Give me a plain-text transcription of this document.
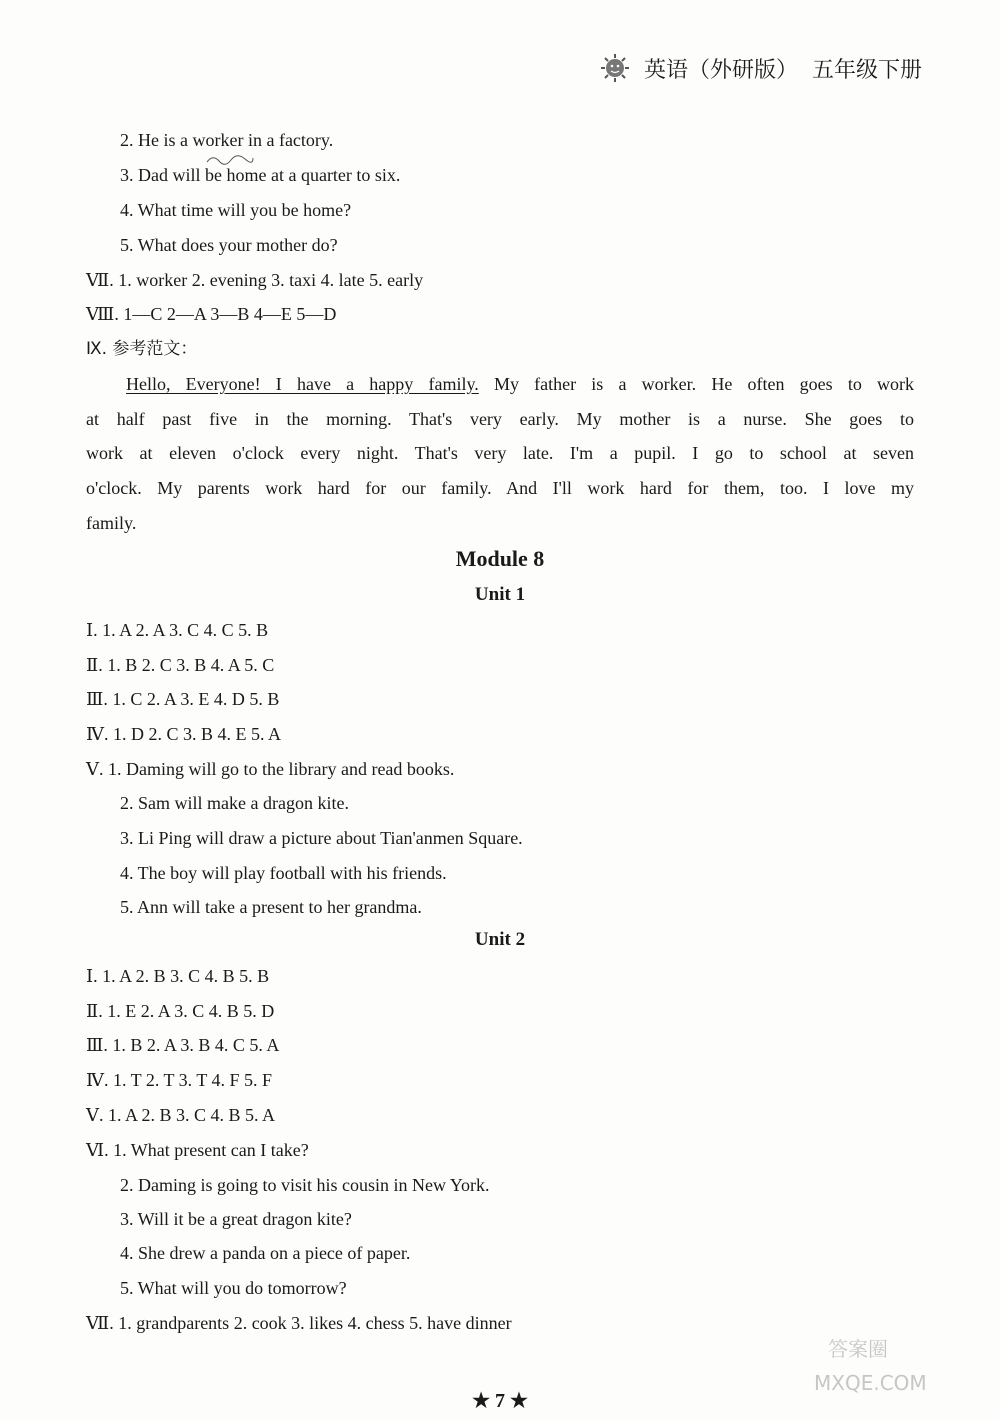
英语（外研版） 五年级下册
2. He is a worker in a factory.
3. Dad will be home at a quarter to six.
4. What time will you be home?
5. What does your mother do?
Ⅶ. 1. worker 2. evening 3. taxi 4. late 5. early
Ⅷ. 1—C 2—A 3—B 4—E 5—D
Ⅸ. 参考范文：
Hello, Everyone! I have a happy family. My father is a worker. He often goes to work
at half past five in the morning. That's very early. My mother is a nurse. She goes to
work at eleven o'clock every night. That's very late. I'm a pupil. I go to school at seven
o'clock. My parents work hard for our family. And I'll work hard for them, too. I love my
family.
Module 8
Unit 1
Ⅰ. 1. A 2. A 3. C 4. C 5. B
Ⅱ. 1. B 2. C 3. B 4. A 5. C
Ⅲ. 1. C 2. A 3. E 4. D 5. B
Ⅳ. 1. D 2. C 3. B 4. E 5. A
Ⅴ. 1. Daming will go to the library and read books.
2. Sam will make a dragon kite.
3. Li Ping will draw a picture about Tian'anmen Square.
4. The boy will play football with his friends.
5. Ann will take a present to her grandma.
Unit 2
Ⅰ. 1. A 2. B 3. C 4. B 5. B
Ⅱ. 1. E 2. A 3. C 4. B 5. D
Ⅲ. 1. B 2. A 3. B 4. C 5. A
Ⅳ. 1. T 2. T 3. T 4. F 5. F
Ⅴ. 1. A 2. B 3. C 4. B 5. A
Ⅵ. 1. What present can I take?
2. Daming is going to visit his cousin in New York.
3. Will it be a great dragon kite?
4. She drew a panda on a piece of paper.
5. What will you do tomorrow?
Ⅶ. 1. grandparents 2. cook 3. likes 4. chess 5. have dinner
★ 7 ★
答案圈
MXQE.COM
